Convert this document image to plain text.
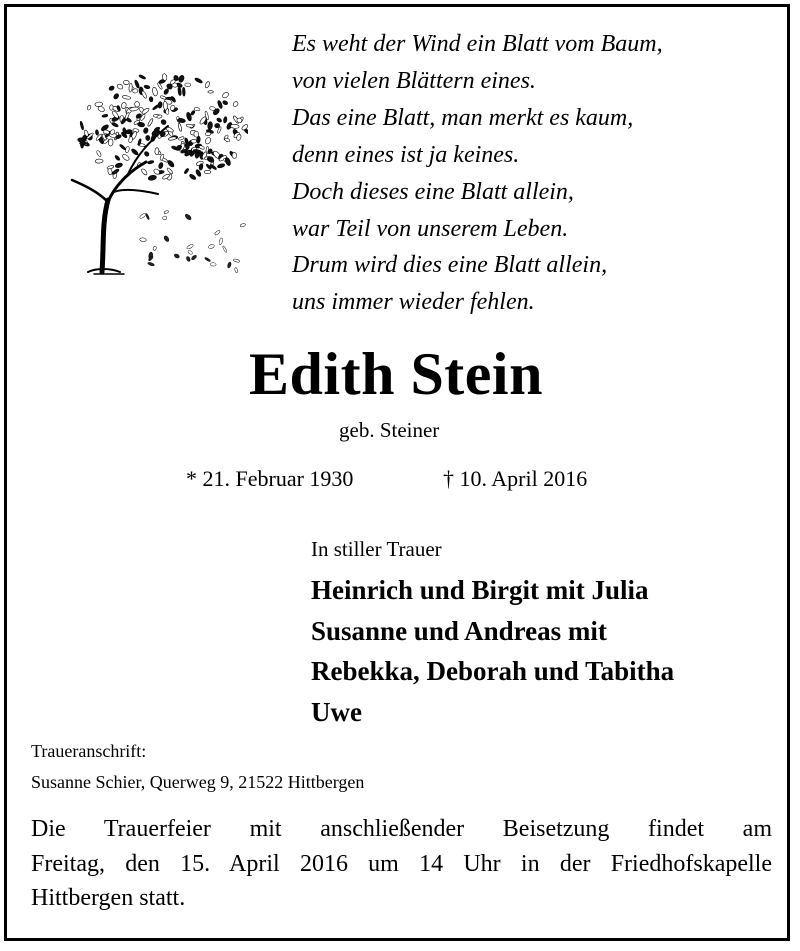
Es weht der Wind ein Blatt vom Baum,
von vielen Blättern eines.
Das eine Blatt, man merkt es kaum,
denn eines ist ja keines.
Doch dieses eine Blatt allein,
war Teil von unserem Leben.
Drum wird dies eine Blatt allein,
uns immer wieder fehlen.
Edith Stein
geb. Steiner
* 21. Februar 1930	† 10. April 2016
In stiller Trauer
Heinrich und Birgit mit Julia
Susanne und Andreas mit
Rebekka, Deborah und Tabitha
Uwe
Traueranschrift:
Susanne Schier, Querweg 9, 21522 Hittbergen
Die Trauerfeier mit anschließender Beisetzung findet am
Freitag, den 15. April 2016 um 14 Uhr in der Friedhofskapelle
Hittbergen statt.
